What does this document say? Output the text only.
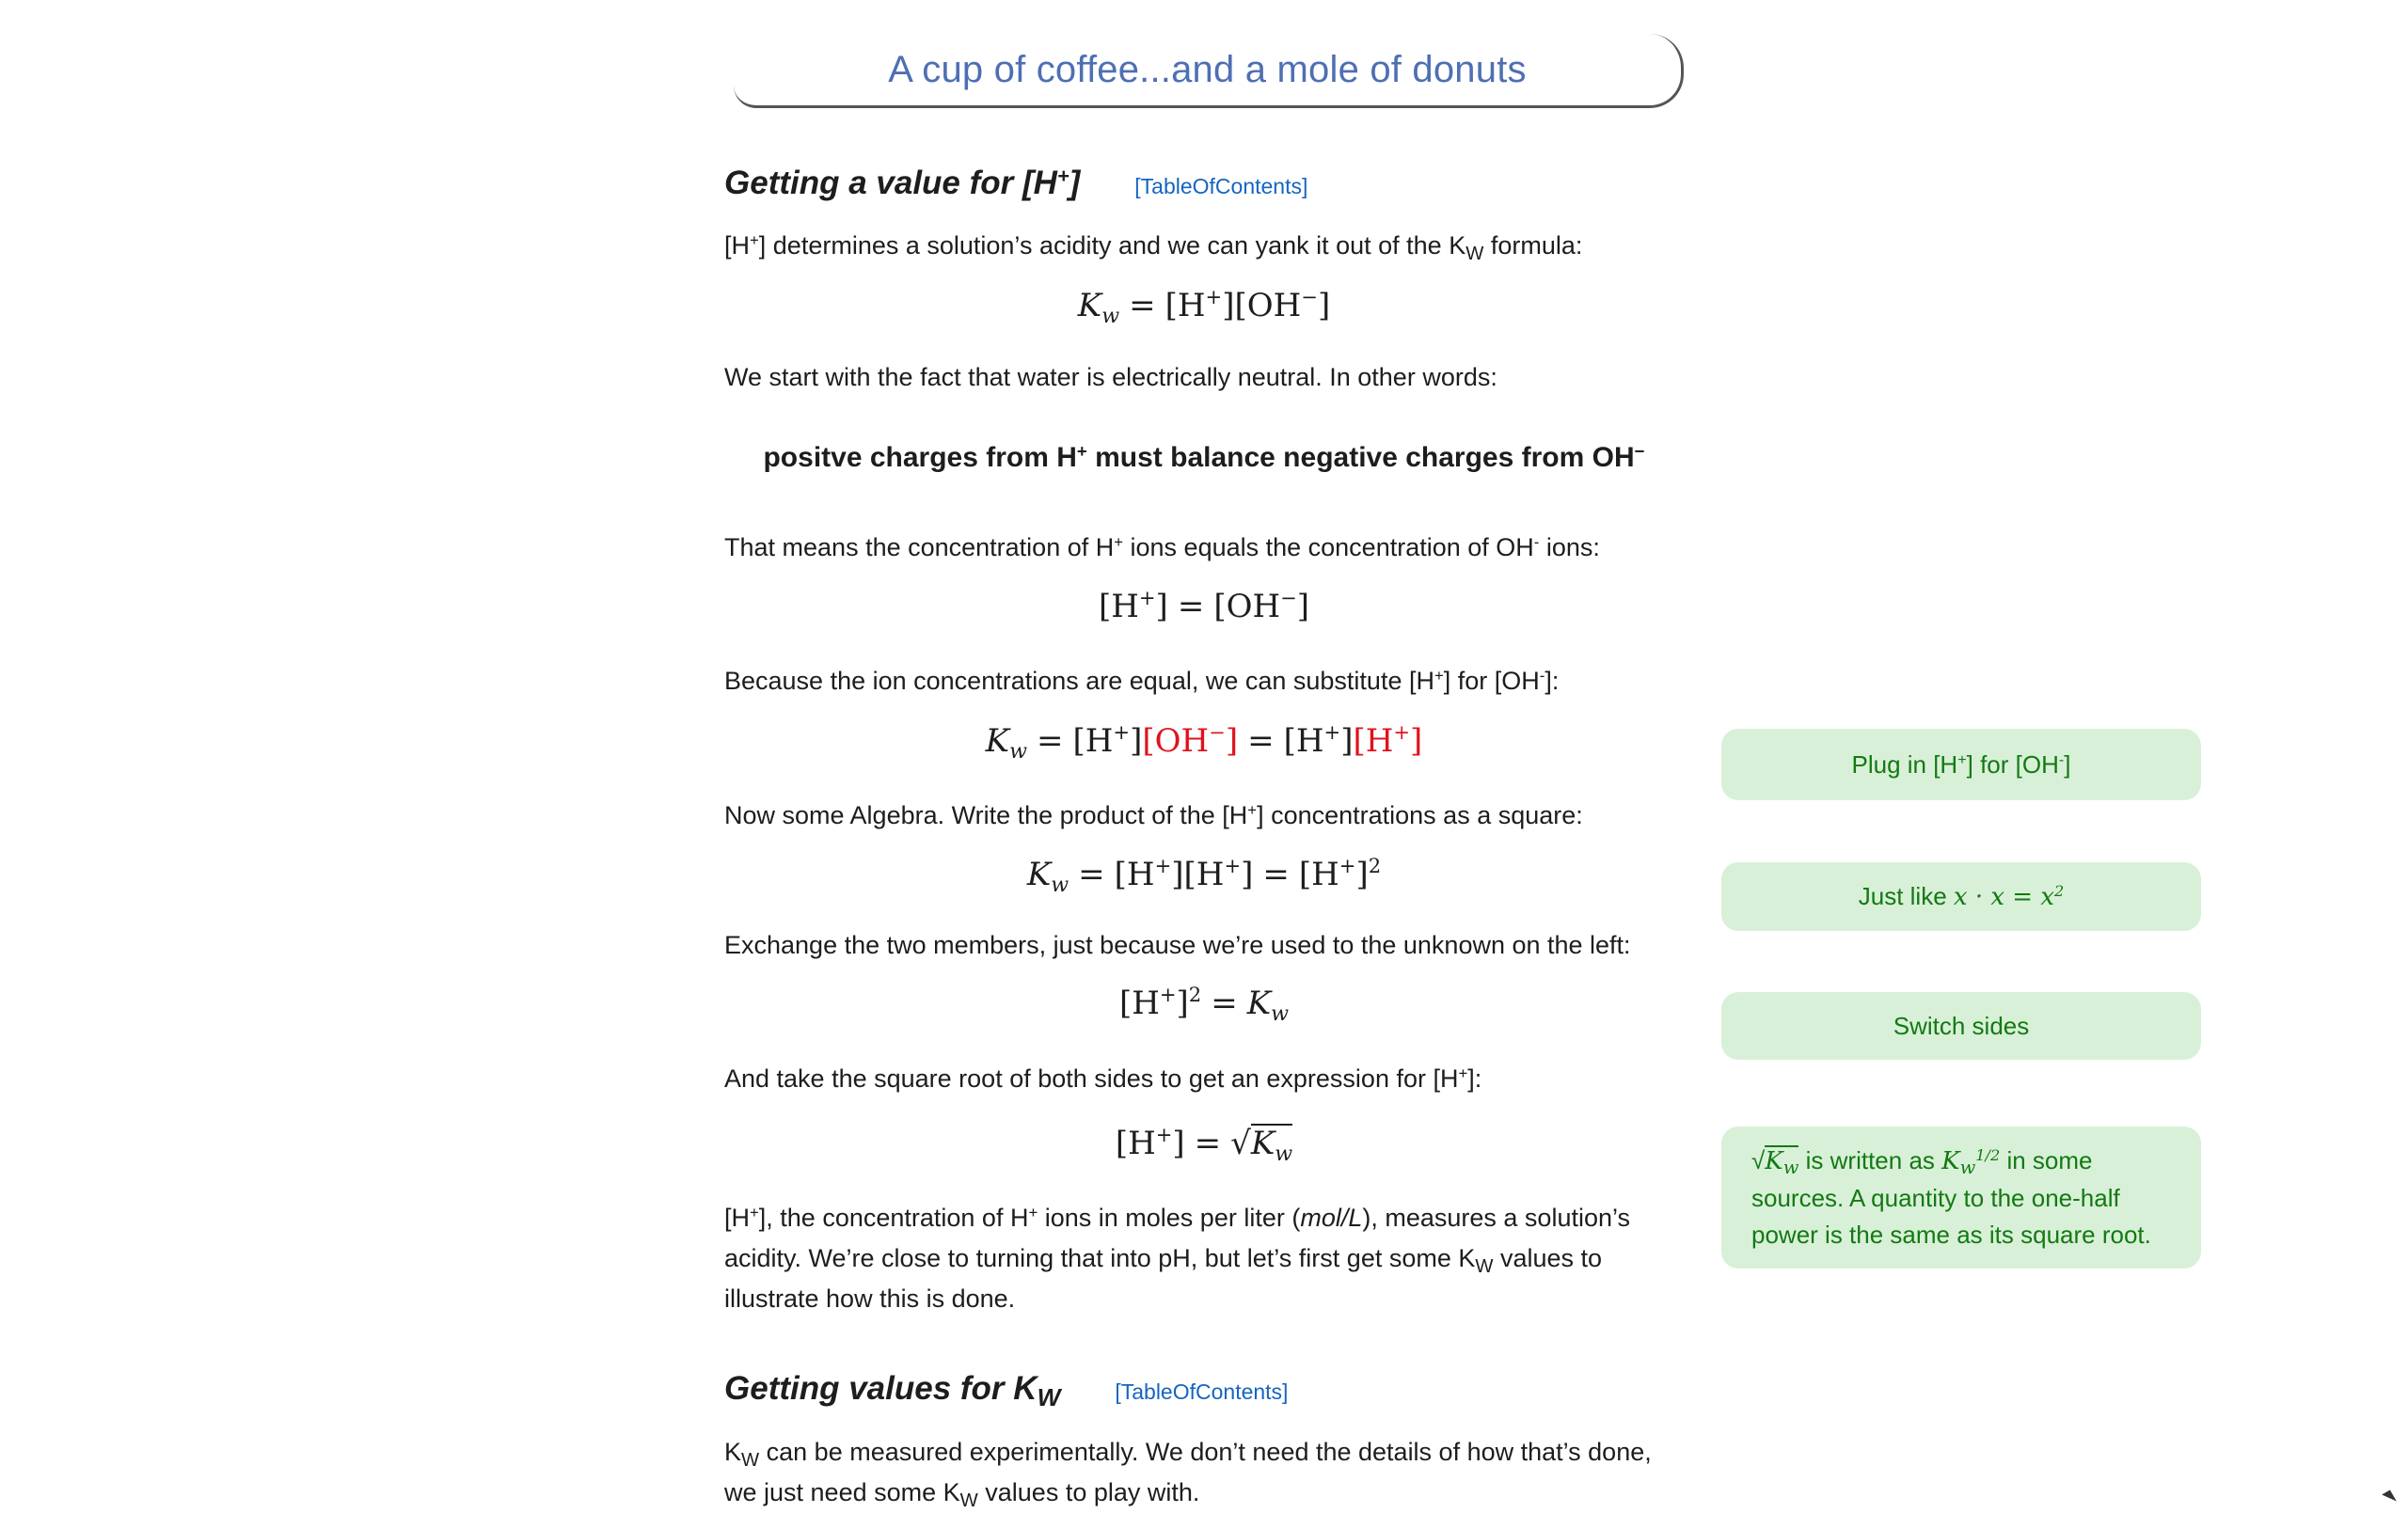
A cup of coffee...and a mole of donuts
Getting a value for [H+]	[TableOfContents]
[H+] determines a solution’s acidity and we can yank it out of the $K_W$ formula:
Kw = [H+][OH−]
We start with the fact that water is electrically neutral. In other words:
positve charges from H+ must balance negative charges from OH−
That means the concentration of H+ ions equals the concentration of OH- ions:
[H+] = [OH−]
Because the ion concentrations are equal, we can substitute [H+] for [OH-]:
Kw = [H+][OH−] = [H+][H+]
Now some Algebra. Write the product of the [H+] concentrations as a square:
$Kw = [H^+][H^+] = [H^+]^2$
Exchange the two members, just because we’re used to the unknown on the left:
$[H^+]^2 = Kw$
And take the square root of both sides to get an expression for [H+]:
[H+] = √Kw
[H+], the concentration of H+ ions in moles per liter (mol/L), measures a solution’s acidity. We’re close to turning that into pH, but let’s first get some $K_W$ values to illustrate how this is done.
Getting values for $K_W$	[TableOfContents]
$K_W$ can be measured experimentally. We don’t need the details of how that’s done, we just need some $K_W$ values to play with.
Plug in [H+] for [OH-]
Just like $x \cdot x = x^2$
Switch sides
$√K_w$ is written as $K_w^{1/2}$ in some sources. A quantity to the one-half power is the same as its square root.
